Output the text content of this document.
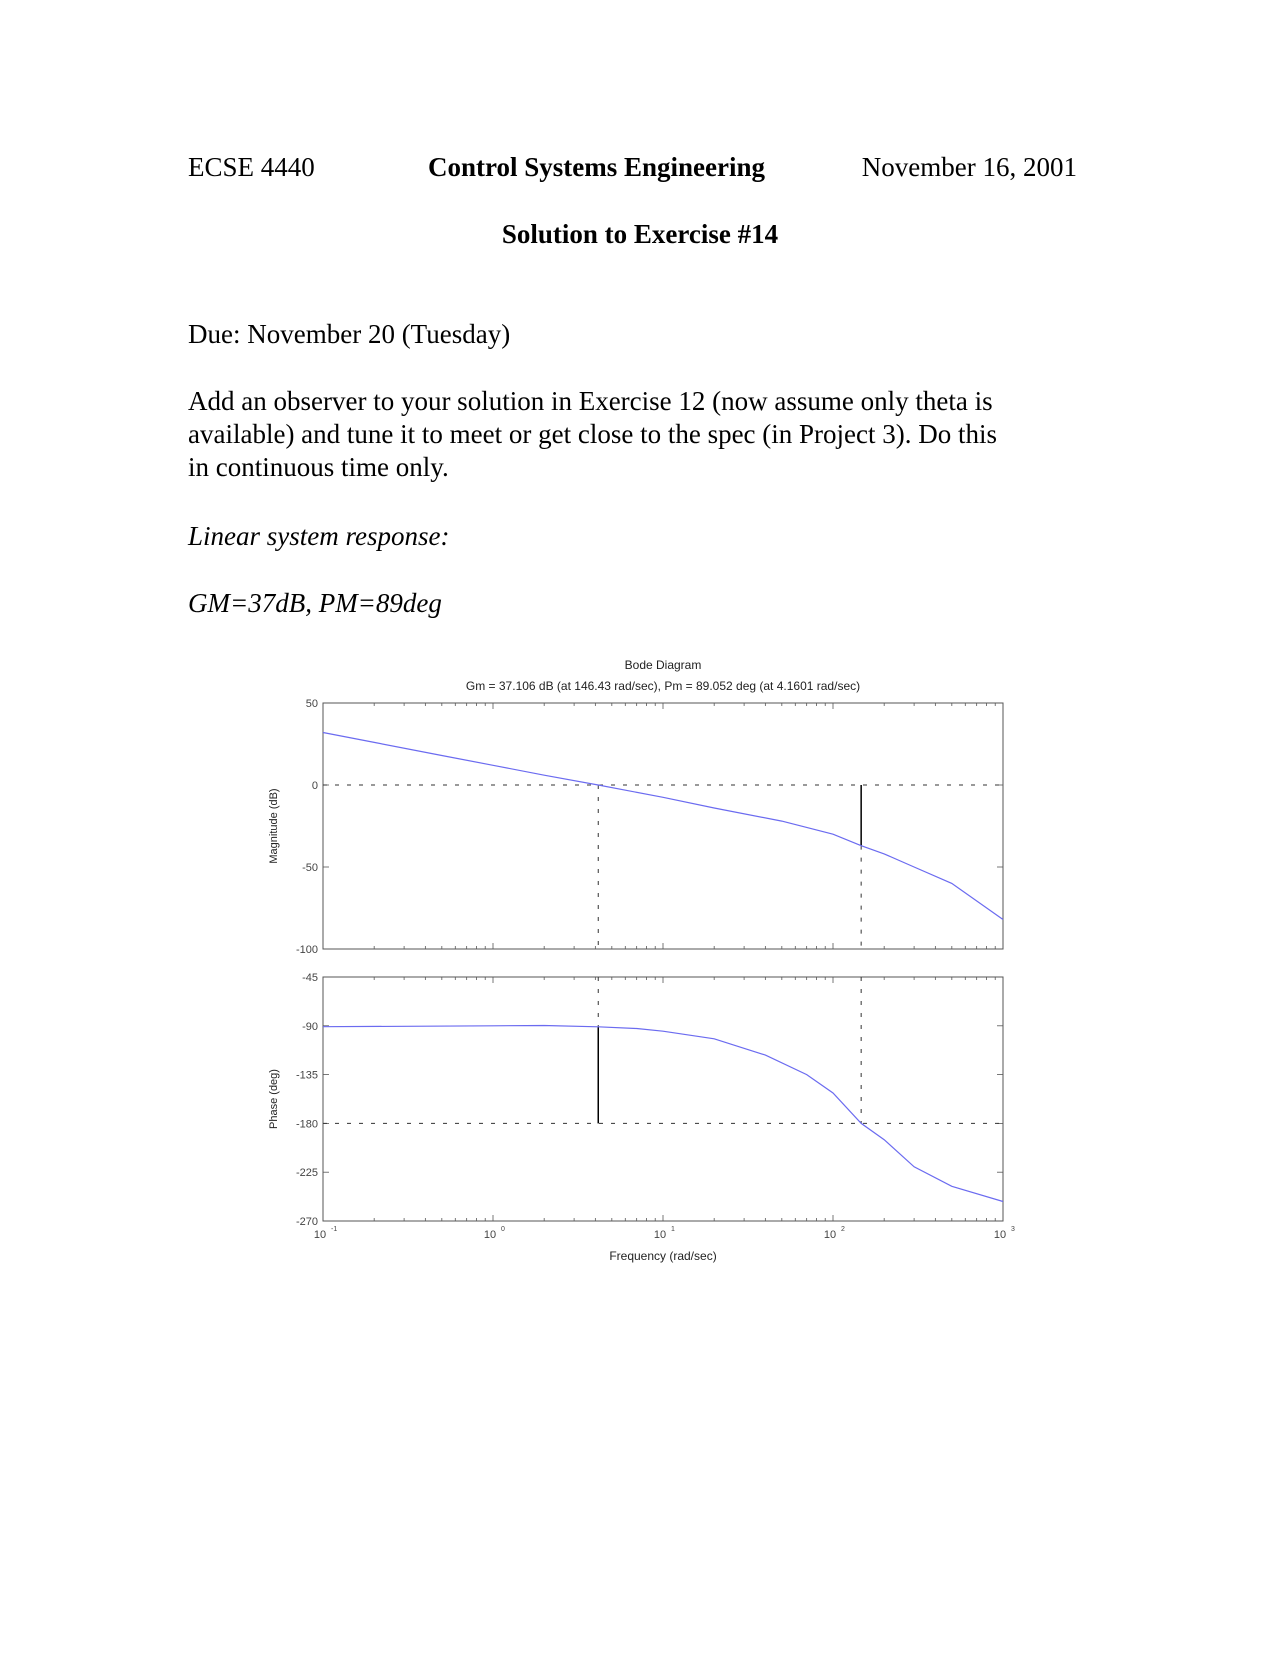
ECSE 4440	Control Systems Engineering	November 16, 2001
Solution to Exercise #14
Due: November 20 (Tuesday)

Add an observer to your solution in Exercise 12 (now assume only theta is

available) and tune it to meet or get close to the spec (in Project 3). Do this

in continuous time only.

Linear system response:
GM=37dB, PM=89deg
Bode Diagram
Gm = 37.106 dB (at 146.43 rad/sec), Pm = 89.052 deg (at 4.1601 rad/sec)
50
0
-50
-100
-45
-90
-135
-180
-225
-270
Magnitude (dB)
Phase (deg)
10 -1	10 0	10 1	10 2	10 3
Frequency (rad/sec)
